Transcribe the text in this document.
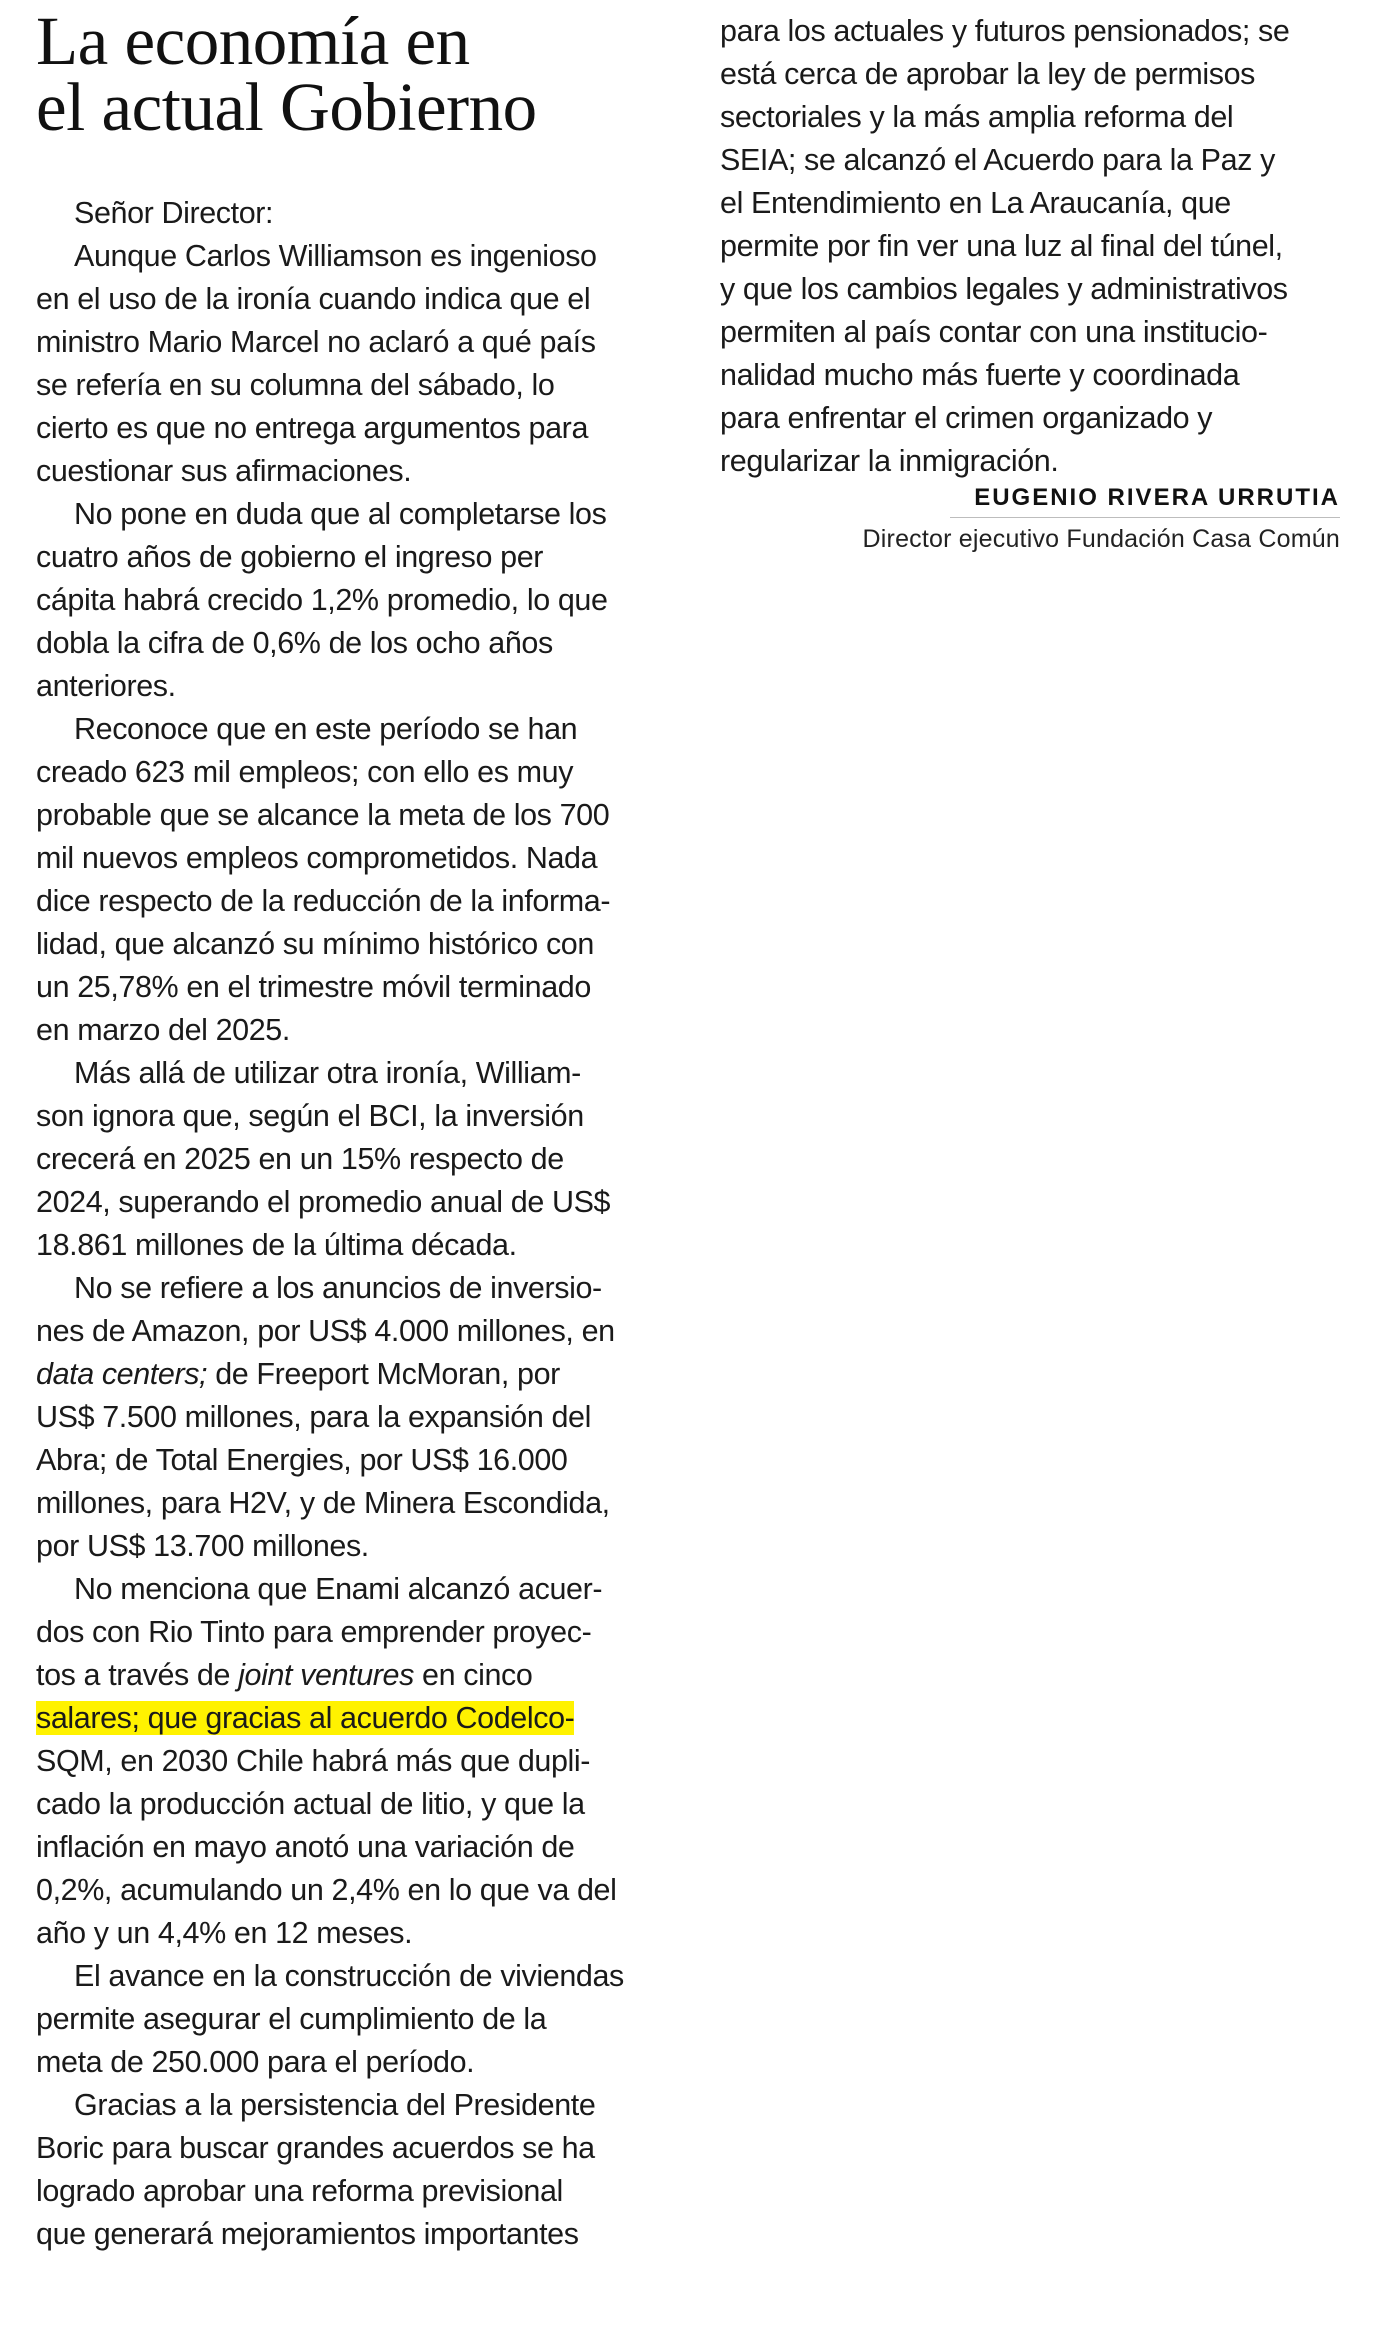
La economía en
el actual Gobierno
Señor Director:
Aunque Carlos Williamson es ingenioso
en el uso de la ironía cuando indica que el
ministro Mario Marcel no aclaró a qué país
se refería en su columna del sábado, lo
cierto es que no entrega argumentos para
cuestionar sus afirmaciones.
No pone en duda que al completarse los
cuatro años de gobierno el ingreso per
cápita habrá crecido 1,2% promedio, lo que
dobla la cifra de 0,6% de los ocho años
anteriores.
Reconoce que en este período se han
creado 623 mil empleos; con ello es muy
probable que se alcance la meta de los 700
mil nuevos empleos comprometidos. Nada
dice respecto de la reducción de la informa-
lidad, que alcanzó su mínimo histórico con
un 25,78% en el trimestre móvil terminado
en marzo del 2025.
Más allá de utilizar otra ironía, William-
son ignora que, según el BCI, la inversión
crecerá en 2025 en un 15% respecto de
2024, superando el promedio anual de US$
18.861 millones de la última década.
No se refiere a los anuncios de inversio-
nes de Amazon, por US$ 4.000 millones, en
data centers; de Freeport McMoran, por
US$ 7.500 millones, para la expansión del
Abra; de Total Energies, por US$ 16.000
millones, para H2V, y de Minera Escondida,
por US$ 13.700 millones.
No menciona que Enami alcanzó acuer-
dos con Rio Tinto para emprender proyec-
tos a través de joint ventures en cinco
salares; que gracias al acuerdo Codelco-
SQM, en 2030 Chile habrá más que dupli-
cado la producción actual de litio, y que la
inflación en mayo anotó una variación de
0,2%, acumulando un 2,4% en lo que va del
año y un 4,4% en 12 meses.
El avance en la construcción de viviendas
permite asegurar el cumplimiento de la
meta de 250.000 para el período.
Gracias a la persistencia del Presidente
Boric para buscar grandes acuerdos se ha
logrado aprobar una reforma previsional
que generará mejoramientos importantes
para los actuales y futuros pensionados; se
está cerca de aprobar la ley de permisos
sectoriales y la más amplia reforma del
SEIA; se alcanzó el Acuerdo para la Paz y
el Entendimiento en La Araucanía, que
permite por fin ver una luz al final del túnel,
y que los cambios legales y administrativos
permiten al país contar con una institucio-
nalidad mucho más fuerte y coordinada
para enfrentar el crimen organizado y
regularizar la inmigración.
EUGENIO RIVERA URRUTIA
Director ejecutivo Fundación Casa Común
